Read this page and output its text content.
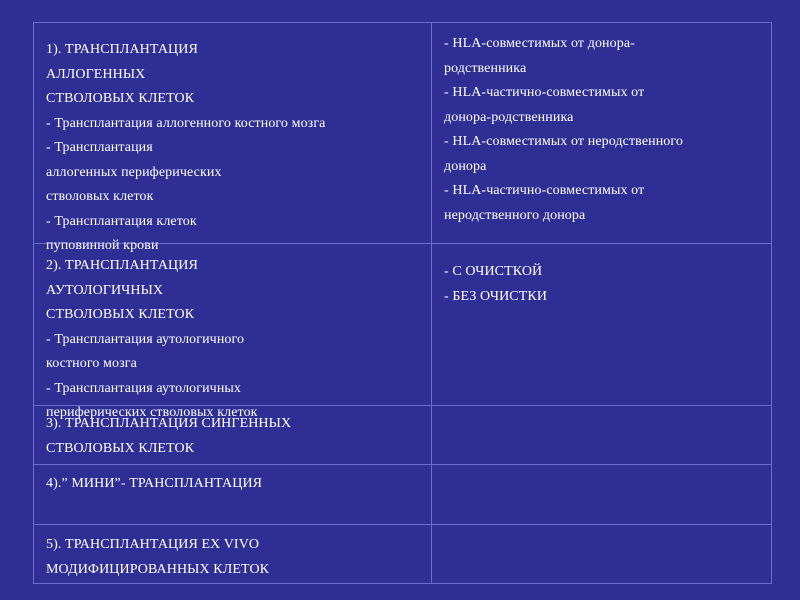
1). ТРАНСПЛАНТАЦИЯ
АЛЛОГЕННЫХ
СТВОЛОВЫХ КЛЕТОК
- Трансплантация аллогенного костного мозга
- Трансплантация
аллогенных периферических
стволовых клеток
- Трансплантация клеток
пуповинной крови
- HLA-совместимых от донора-
родственника
- HLA-частично-совместимых от
донора-родственника
- HLA-совместимых от неродственного
донора
- HLA-частично-совместимых от
неродственного донора
2). ТРАНСПЛАНТАЦИЯ
АУТОЛОГИЧНЫХ
СТВОЛОВЫХ КЛЕТОК
- Трансплантация аутологичного
костного мозга
- Трансплантация аутологичных
периферических стволовых клеток
- С ОЧИСТКОЙ
- БЕЗ ОЧИСТКИ
3). ТРАНСПЛАНТАЦИЯ СИНГЕННЫХ
СТВОЛОВЫХ КЛЕТОК
4).” МИНИ”- ТРАНСПЛАНТАЦИЯ
5). ТРАНСПЛАНТАЦИЯ EX VIVO
МОДИФИЦИРОВАННЫХ КЛЕТОК
